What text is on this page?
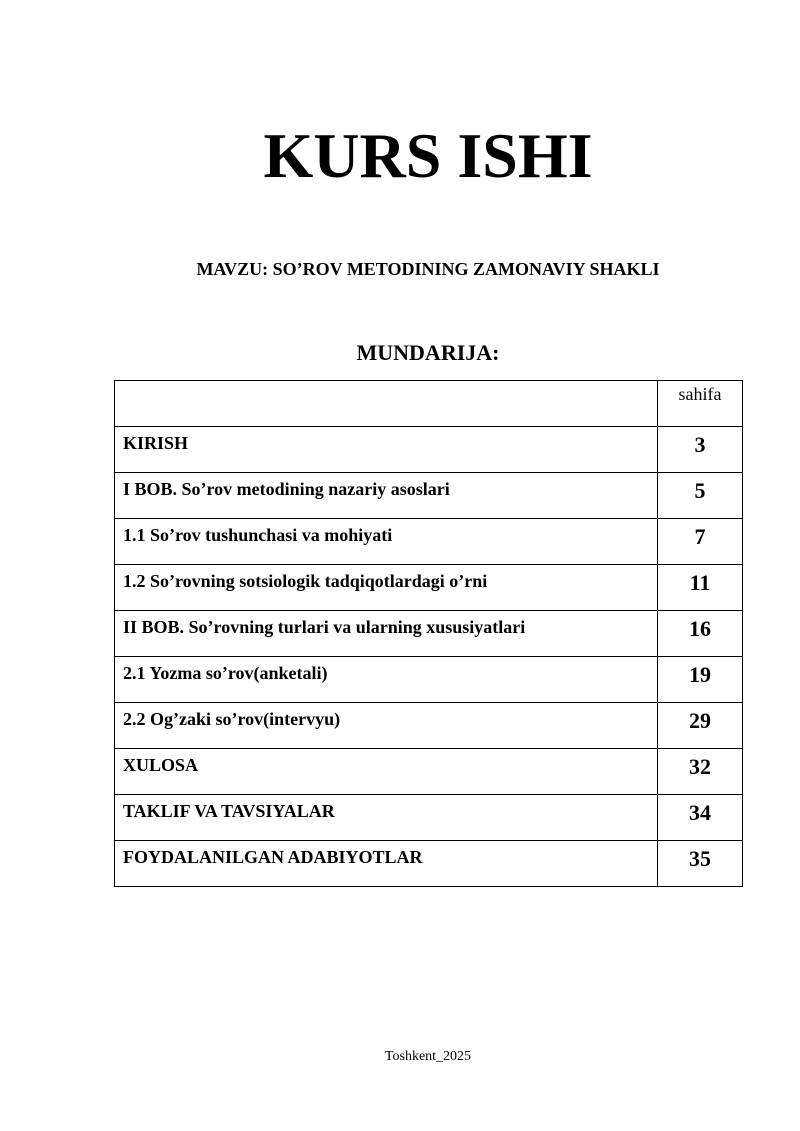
KURS ISHI
MAVZU: SO’ROV METODINING ZAMONAVIY SHAKLI
MUNDARIJA:
	sahifa
KIRISH	3
I BOB. So’rov metodining nazariy asoslari	5
1.1 So’rov tushunchasi va mohiyati	7
1.2 So’rovning sotsiologik tadqiqotlardagi o’rni	11
II BOB. So’rovning turlari va ularning xususiyatlari	16
2.1 Yozma so’rov(anketali)	19
2.2 Og’zaki so’rov(intervyu)	29
XULOSA	32
TAKLIF VA TAVSIYALAR	34
FOYDALANILGAN ADABIYOTLAR	35
Toshkent_2025
